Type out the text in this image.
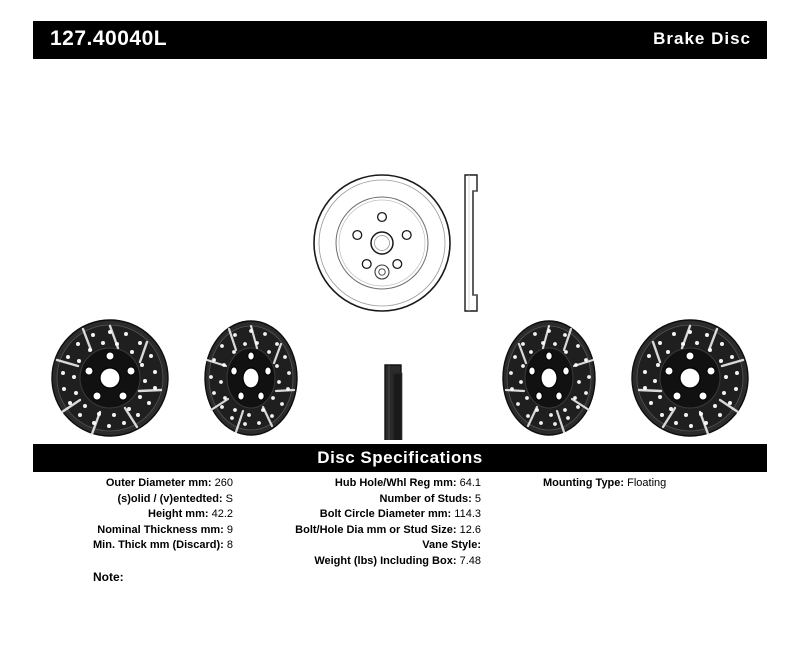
127.40040L	Brake Disc
Disc Specifications
Outer Diameter mm: 260
(s)olid / (v)entedted: S
Height mm: 42.2
Nominal Thickness mm: 9
Min. Thick mm (Discard): 8
Hub Hole/Whl Reg mm: 64.1
Number of Studs: 5
Bolt Circle Diameter mm: 114.3
Bolt/Hole Dia mm or Stud Size: 12.6
Vane Style:
Weight (lbs) Including Box: 7.48
Mounting Type: Floating
Note:
